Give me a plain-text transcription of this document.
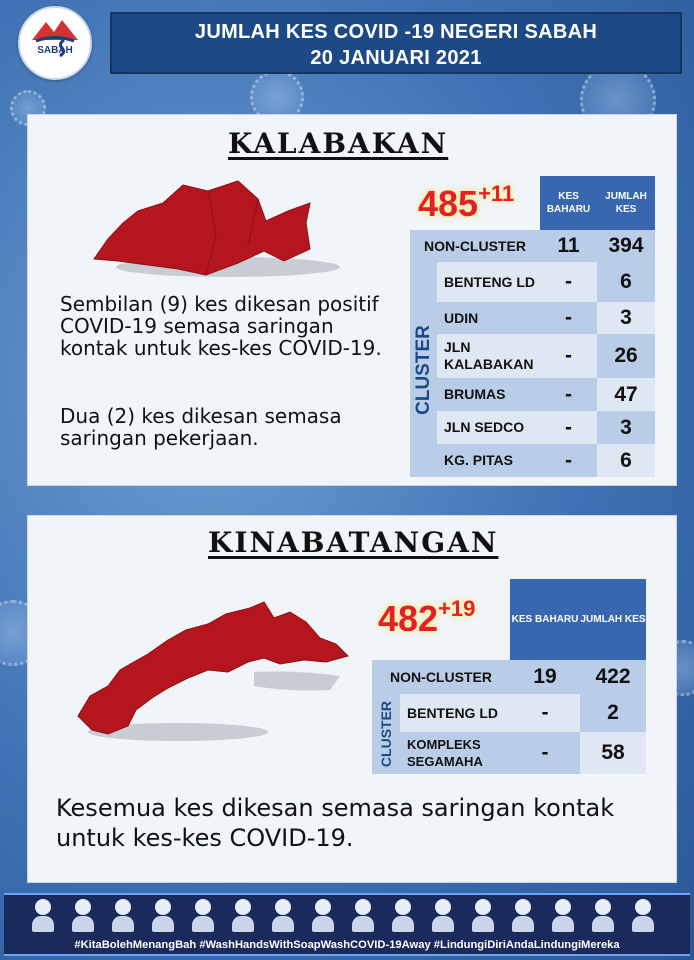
SABAH
JUMLAH KES COVID -19 NEGERI SABAH
20 JANUARI 2021
KALABAKAN
$485^{+11}$
Sembilan (9) kes dikesan positif COVID-19 semasa saringan kontak untuk kes-kes COVID-19.
Dua (2) kes dikesan semasa saringan pekerjaan.
KES BAHARU
JUMLAH KES
NON-CLUSTER	11	394
CLUSTER
BENTENG LD	-	6
UDIN	-	3
JLN KALABAKAN	-	26
BRUMAS	-	47
JLN SEDCO	-	3
KG. PITAS	-	6
KINABATANGAN
$482^{+19}$	KES BAHARU JUMLAH KES
NON-CLUSTER	19	422
CLUSTER BENTENG LD	-	2
KOMPLEKS SEGAMAHA	-	58
Kesemua kes dikesan semasa saringan kontak untuk kes-kes COVID-19.
#KitaBolehMenangBah #WashHandsWithSoapWashCOVID-19Away #LindungiDiriAndaLindungiMereka
